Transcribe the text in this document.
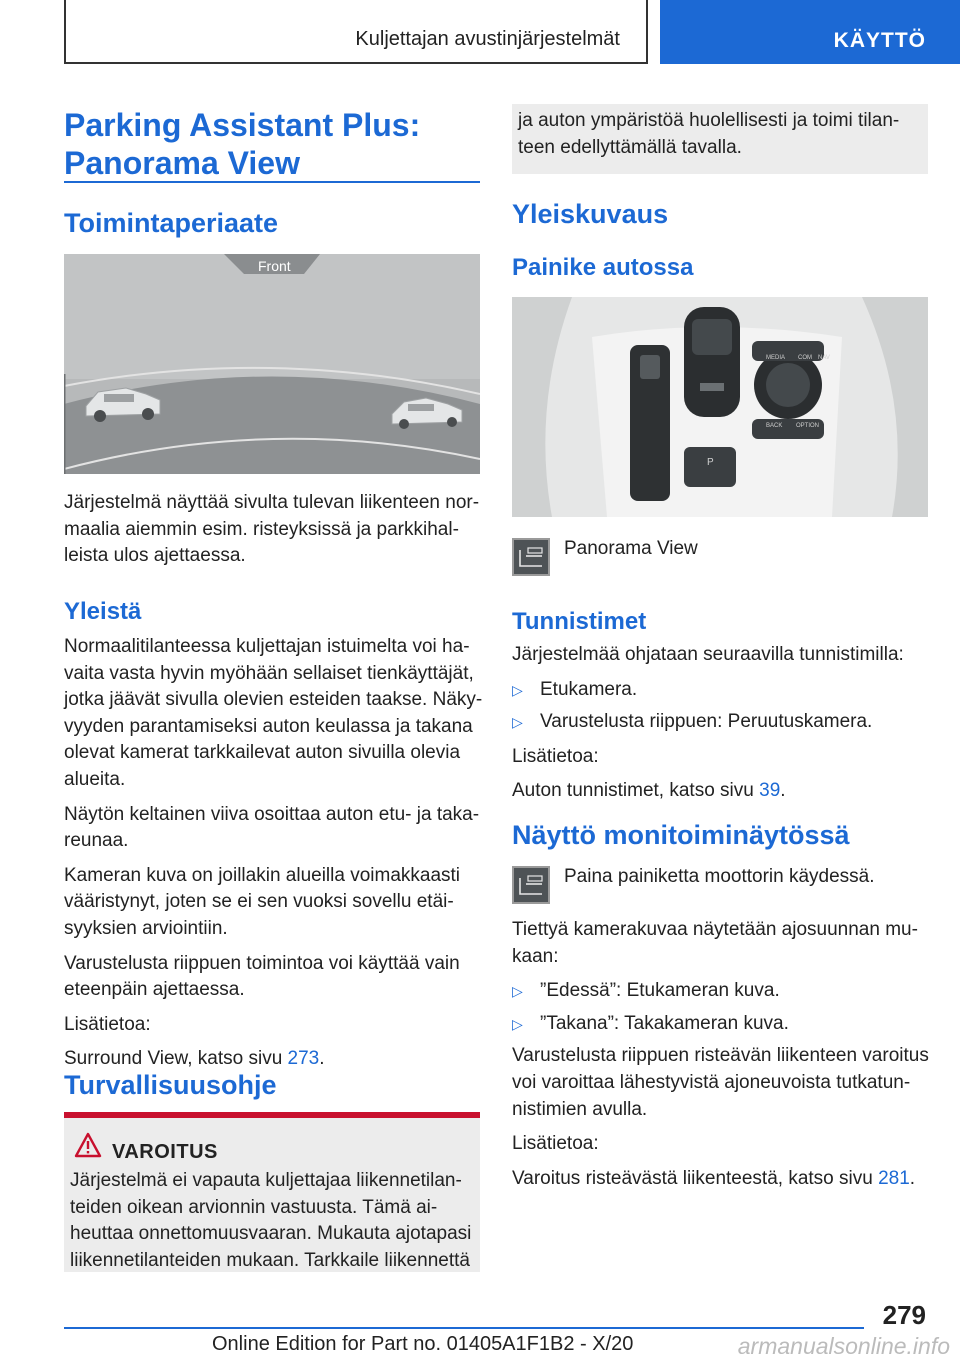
Kuljettajan avustinjärjestelmät	KÄYTTÖ
Parking Assistant Plus:
Panorama View
Toimintaperiaate
Front

Järjestelmä näyttää sivulta tulevan liikenteen nor-

maalia aiemmin esim. risteyksissä ja parkkihal-

leista ulos ajettaessa.

Yleistä

Normaalitilanteessa kuljettajan istuimelta voi ha-

vaita vasta hyvin myöhään sellaiset tienkäyttäjät,

jotka jäävät sivulla olevien esteiden taakse. Näky-

vyyden parantamiseksi auton keulassa ja takana

olevat kamerat tarkkailevat auton sivuilla olevia

alueita.

Näytön keltainen viiva osoittaa auton etu- ja taka-

reunaa.

Kameran kuva on joillakin alueilla voimakkaasti

vääristynyt, joten se ei sen vuoksi sovellu etäi-

syyksien arviointiin.

Varustelusta riippuen toimintoa voi käyttää vain

eteenpäin ajettaessa.

Lisätietoa:

Surround View, katso sivu 273.

Turvallisuusohje
VAROITUS

Järjestelmä ei vapauta kuljettajaa liikennetilan-

teiden oikean arvionnin vastuusta. Tämä ai-

heuttaa onnettomuusvaaran. Mukauta ajotapasi

liikennetilanteiden mukaan. Tarkkaile liikennettä

ja auton ympäristöä huolellisesti ja toimi tilan-

teen edellyttämällä tavalla.

Yleiskuvaus
Painike autossa
MEDIA COM NAV
BACK OPTION
P
Panorama View
Tunnistimet

Järjestelmää ohjataan seuraavilla tunnistimilla:

▷ Etukamera.

▷ Varustelusta riippuen: Peruutuskamera.

Lisätietoa:

Auton tunnistimet, katso sivu 39.

Näyttö monitoiminäytössä
Paina painiketta moottorin käydessä.

Tiettyä kamerakuvaa näytetään ajosuunnan mu-

kaan:

▷ ”Edessä”: Etukameran kuva.

▷ ”Takana”: Takakameran kuva.

Varustelusta riippuen risteävän liikenteen varoitus

voi varoittaa lähestyvistä ajoneuvoista tutkatun-

nistimien avulla.

Lisätietoa:

Varoitus risteävästä liikenteestä, katso sivu 281.

279
Online Edition for Part no. 01405A1F1B2 - X/20	armanualsonline.info
